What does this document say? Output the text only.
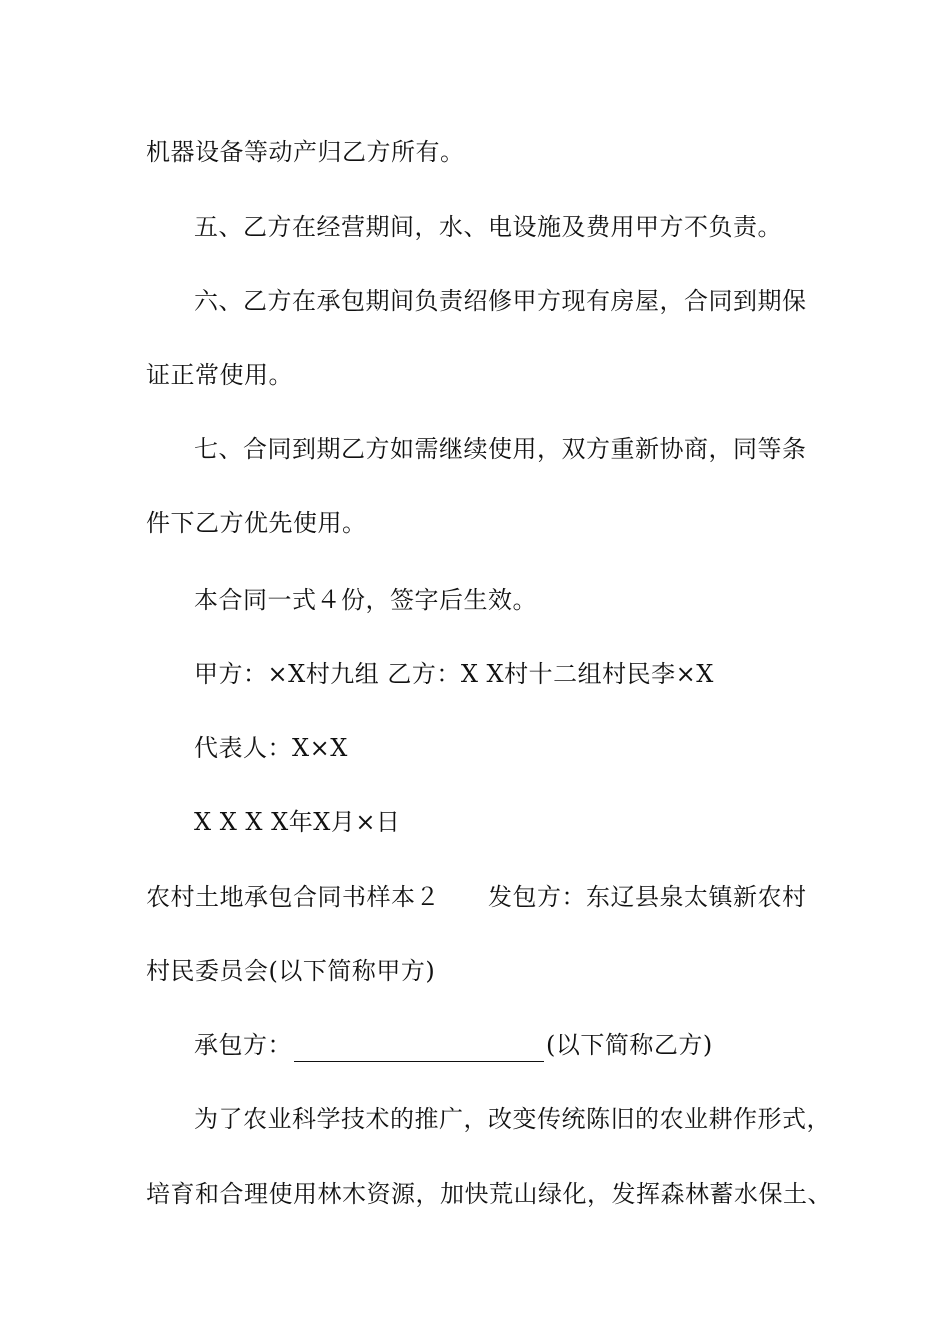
机器设备等动产归乙方所有。
五、乙方在经营期间，水、电设施及费用甲方不负责。
六、乙方在承包期间负责绍修甲方现有房屋，合同到期保
证正常使用。
七、合同到期乙方如需继续使用，双方重新协商，同等条
件下乙方优先使用。
本合同一式４份，签字后生效。
甲方：×X村九组 乙方：X X村十二组村民李×X
代表人：X×X
X X X X年X月×日
农村土地承包合同书样本２ 发包方：东辽县泉太镇新农村
村民委员会(以下简称甲方)
承包方：	(以下简称乙方)
为了农业科学技术的推广，改变传统陈旧的农业耕作形式，
培育和合理使用林木资源，加快荒山绿化，发挥森林蓄水保土、
